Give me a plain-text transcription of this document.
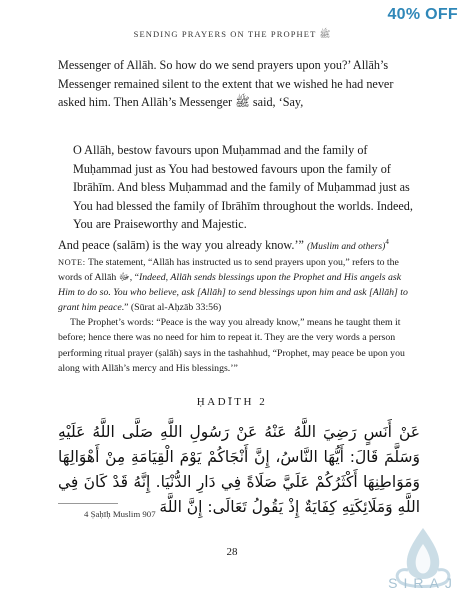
40% OFF
SENDING PRAYERS ON THE PROPHET ﷺ
Messenger of Allāh. So how do we send prayers upon you?’ Allāh’s Messenger remained silent to the extent that we wished he had never asked him. Then Allāh’s Messenger ﷺ said, ‘Say,
O Allāh, bestow favours upon Muḥammad and the family of Muḥammad just as You had bestowed favours upon the family of Ibrāhīm. And bless Muḥammad and the family of Muḥammad just as You had blessed the family of Ibrāhīm throughout the worlds. Indeed, You are Praiseworthy and Majestic.
And peace (salām) is the way you already know.’” (Muslim and others)$^4$

NOTE: The statement, “Allāh has instructed us to send prayers upon you,” refers to the words of Allāh ﷻ, “Indeed, Allāh sends blessings upon the Prophet and His angels ask Him to do so. You who believe, ask [Allāh] to send blessings upon him and ask [Allāh] to grant him peace.” (Sūrat al-Aḥzāb 33:56)

The Prophet’s words: “Peace is the way you already know,” means he taught them it before; hence there was no need for him to repeat it. They are the very words a person performing ritual prayer (ṣalāh) says in the tashahhud, “Prophet, may peace be upon you along with Allāh’s mercy and His blessings.’”

ḤADĪTH 2
عَنْ أَنَسٍ رَضِيَ اللَّهُ عَنْهُ عَنْ رَسُولِ اللَّهِ صَلَّى اللَّهُ عَلَيْهِ وَسَلَّمَ قَالَ: أَيُّهَا النَّاسُ، إِنَّ أَنْجَاكُمْ يَوْمَ الْقِيَامَةِ مِنْ أَهْوَالِهَا وَمَوَاطِنِهَا أَكْثَرُكُمْ عَلَيَّ صَلَاةً فِي دَارِ الدُّنْيَا. إِنَّهُ قَدْ كَانَ فِي اللَّهِ وَمَلَائِكَتِهِ كِفَايَةٌ إِذْ يَقُولُ تَعَالَى: إِنَّ اللَّهَ
4 Ṣaḥīḥ Muslim 907
28
SIRAJ
